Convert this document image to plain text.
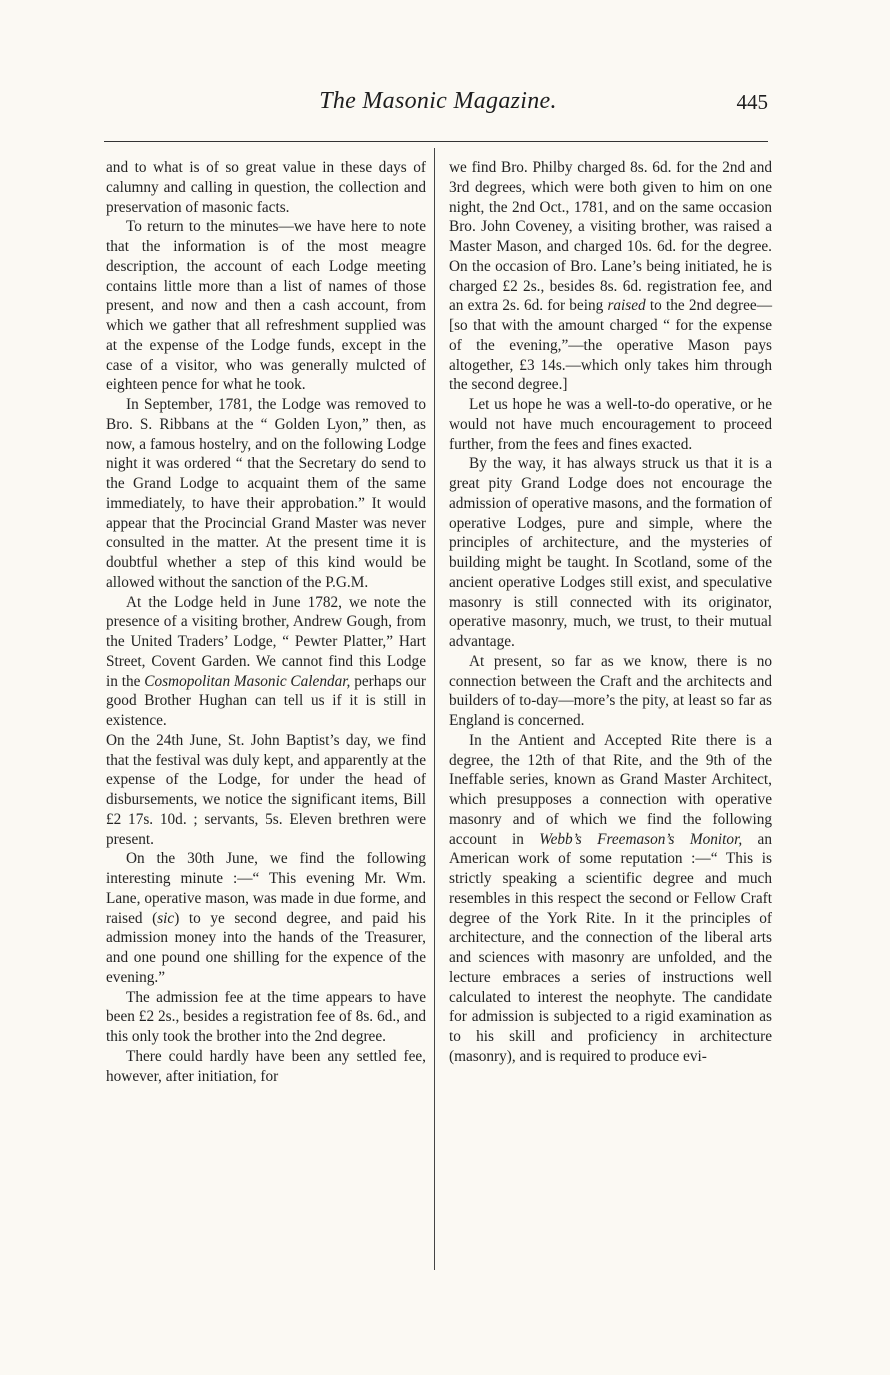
The Masonic Magazine.	445

and to what is of so great value in these days of calumny and calling in question, the collection and preservation of masonic facts.

To return to the minutes—we have here to note that the information is of the most meagre description, the account of each Lodge meeting contains little more than a list of names of those present, and now and then a cash account, from which we gather that all refreshment supplied was at the expense of the Lodge funds, except in the case of a visitor, who was generally mulcted of eighteen pence for what he took.

In September, 1781, the Lodge was removed to Bro. S. Ribbans at the “ Golden Lyon,” then, as now, a famous hostelry, and on the following Lodge night it was ordered “ that the Secretary do send to the Grand Lodge to acquaint them of the same immediately, to have their approbation.” It would appear that the Procincial Grand Master was never consulted in the matter. At the present time it is doubtful whether a step of this kind would be allowed without the sanction of the P.G.M.

At the Lodge held in June 1782, we note the presence of a visiting brother, Andrew Gough, from the United Traders’ Lodge, “ Pewter Platter,” Hart Street, Covent Garden. We cannot find this Lodge in the Cosmopolitan Masonic Calendar, perhaps our good Brother Hughan can tell us if it is still in existence.

On the 24th June, St. John Baptist’s day, we find that the festival was duly kept, and apparently at the expense of the Lodge, for under the head of disbursements, we notice the significant items, Bill £2 17s. 10d. ; servants, 5s. Eleven brethren were present.

On the 30th June, we find the following interesting minute :—“ This evening Mr. Wm. Lane, operative mason, was made in due forme, and raised (sic) to ye second degree, and paid his admission money into the hands of the Treasurer, and one pound one shilling for the expence of the evening.”

The admission fee at the time appears to have been £2 2s., besides a registration fee of 8s. 6d., and this only took the brother into the 2nd degree.

There could hardly have been any settled fee, however, after initiation, for

we find Bro. Philby charged 8s. 6d. for the 2nd and 3rd degrees, which were both given to him on one night, the 2nd Oct., 1781, and on the same occasion Bro. John Coveney, a visiting brother, was raised a Master Mason, and charged 10s. 6d. for the degree. On the occasion of Bro. Lane’s being initiated, he is charged £2 2s., besides 8s. 6d. registration fee, and an extra 2s. 6d. for being raised to the 2nd degree—[so that with the amount charged “ for the expense of the evening,”—the operative Mason pays altogether, £3 14s.—which only takes him through the second degree.]

Let us hope he was a well-to-do operative, or he would not have much encouragement to proceed further, from the fees and fines exacted.

By the way, it has always struck us that it is a great pity Grand Lodge does not encourage the admission of operative masons, and the formation of operative Lodges, pure and simple, where the principles of architecture, and the mysteries of building might be taught. In Scotland, some of the ancient operative Lodges still exist, and speculative masonry is still connected with its originator, operative masonry, much, we trust, to their mutual advantage.

At present, so far as we know, there is no connection between the Craft and the architects and builders of to-day—more’s the pity, at least so far as England is concerned.

In the Antient and Accepted Rite there is a degree, the 12th of that Rite, and the 9th of the Ineffable series, known as Grand Master Architect, which presupposes a connection with operative masonry and of which we find the following account in Webb’s Freemason’s Monitor, an American work of some reputation :—“ This is strictly speaking a scientific degree and much resembles in this respect the second or Fellow Craft degree of the York Rite. In it the principles of architecture, and the connection of the liberal arts and sciences with masonry are unfolded, and the lecture embraces a series of instructions well calculated to interest the neophyte. The candidate for admission is subjected to a rigid examination as to his skill and proficiency in architecture (masonry), and is required to produce evi-
